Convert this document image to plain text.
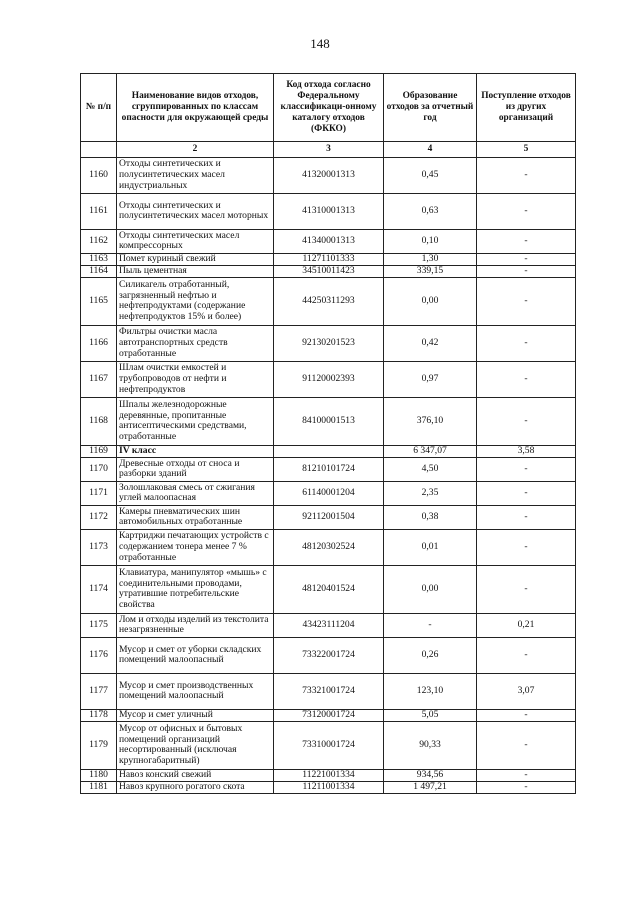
148
№ п/п	Наименование видов отходов, сгруппированных по классам опасности для окружающей среды	Код отхода согласно Федеральному классификаци-онному каталогу отходов (ФККО)	Образование отходов за отчетный год	Поступление отходов из других организаций
	2	3	4	5
1160	Отходы синтетических и полусинтетических масел индустриальных	41320001313	0,45	-
1161	Отходы синтетических и полусинтетических масел моторных	41310001313	0,63	-
1162	Отходы синтетических масел компрессорных	41340001313	0,10	-
1163	Помет куриный свежий	11271101333	1,30	-
1164	Пыль цементная	34510011423	339,15	-
1165	Силикагель отработанный, загрязненный нефтью и нефтепродуктами (содержание нефтепродуктов 15% и более)	44250311293	0,00	-
1166	Фильтры очистки масла автотранспортных средств отработанные	92130201523	0,42	-
1167	Шлам очистки емкостей и трубопроводов от нефти и нефтепродуктов	91120002393	0,97	-
1168	Шпалы железнодорожные деревянные, пропитанные антисептическими средствами, отработанные	84100001513	376,10	-
1169	IV класс		6 347,07	3,58
1170	Древесные отходы от сноса и разборки зданий	81210101724	4,50	-
1171	Золошлаковая смесь от сжигания углей малоопасная	61140001204	2,35	-
1172	Камеры пневматических шин автомобильных отработанные	92112001504	0,38	-
1173	Картриджи печатающих устройств с содержанием тонера менее 7 % отработанные	48120302524	0,01	-
1174	Клавиатура, манипулятор «мышь» с соединительными проводами, утратившие потребительские свойства	48120401524	0,00	-
1175	Лом и отходы изделий из текстолита незагрязненные	43423111204	-	0,21
1176	Мусор и смет от уборки складских помещений малоопасный	73322001724	0,26	-
1177	Мусор и смет производственных помещений малоопасный	73321001724	123,10	3,07
1178	Мусор и смет уличный	73120001724	5,05	-
1179	Мусор от офисных и бытовых помещений организаций несортированный (исключая крупногабаритный)	73310001724	90,33	-
1180	Навоз конский свежий	11221001334	934,56	-
1181	Навоз крупного рогатого скота	11211001334	1 497,21	-
